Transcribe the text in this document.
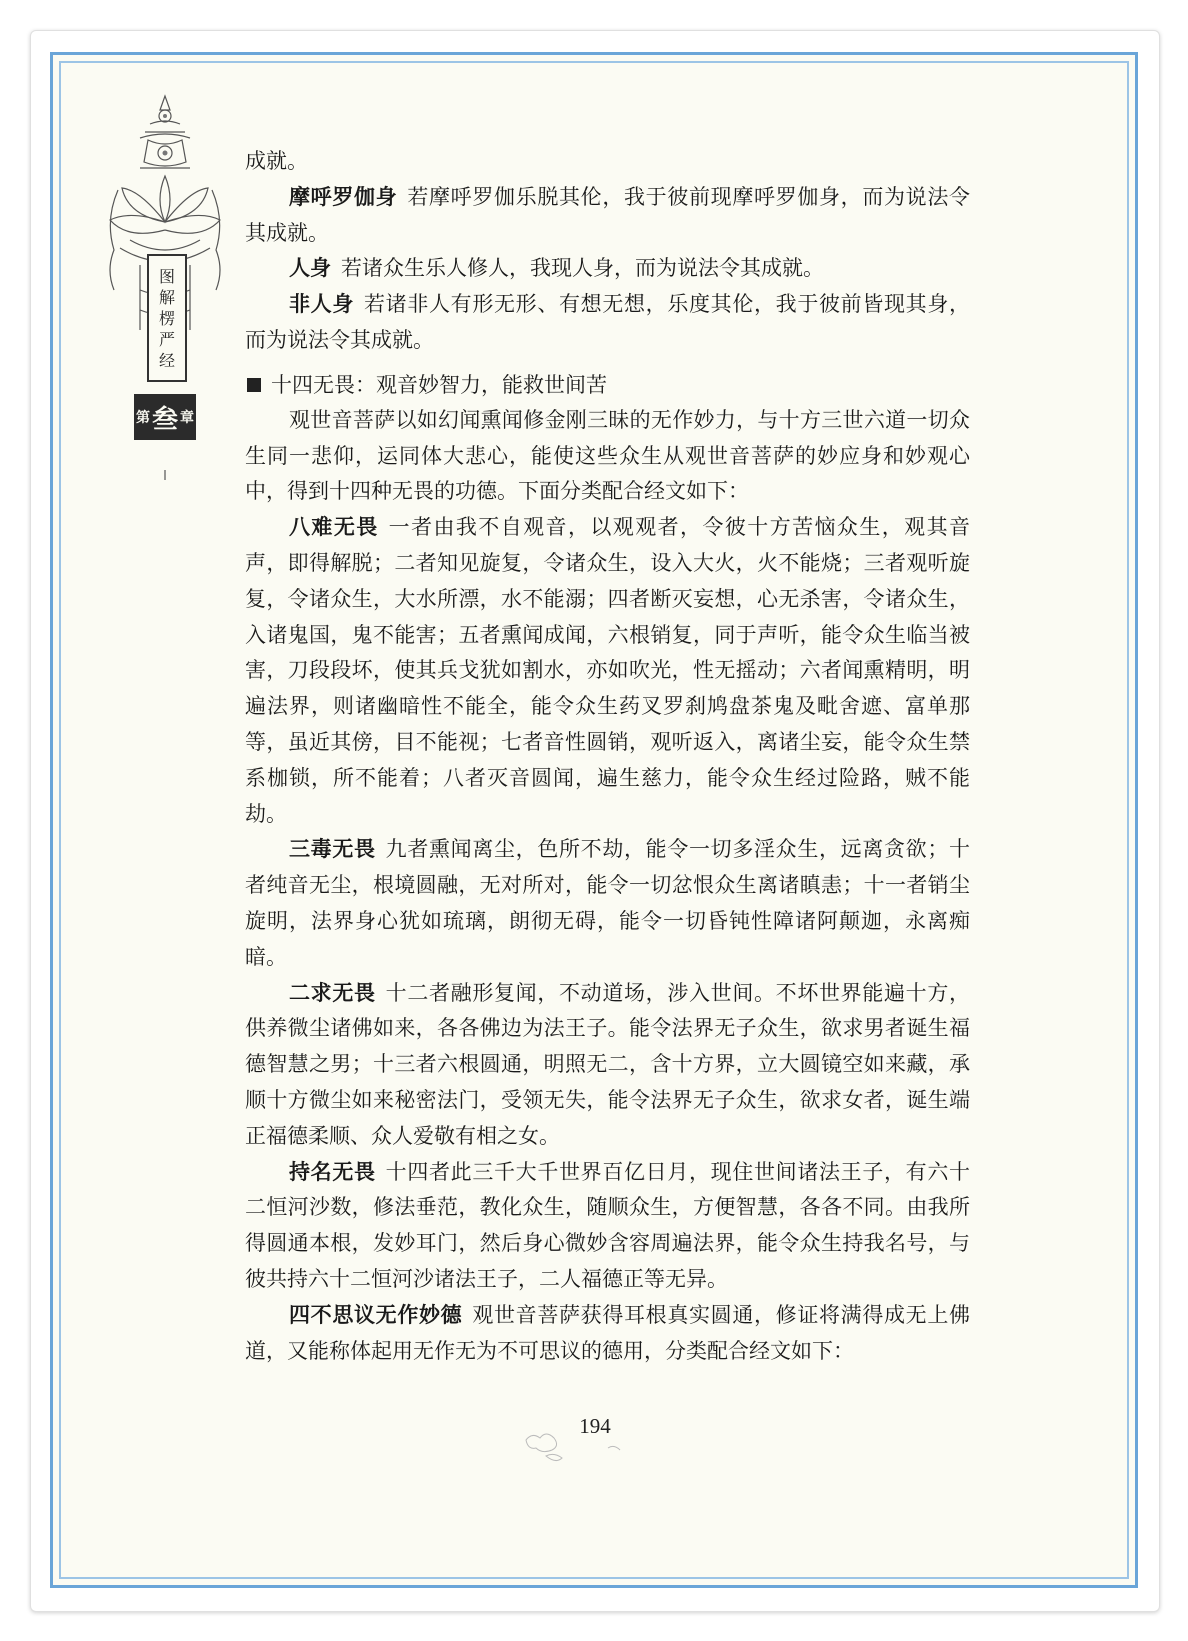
图
解
楞
严
经
第 叁 章

成就。

摩呼罗伽身 若摩呼罗伽乐脱其伦，我于彼前现摩呼罗伽身，而为说法令其成就。

人身 若诸众生乐人修人，我现人身，而为说法令其成就。

非人身 若诸非人有形无形、有想无想，乐度其伦，我于彼前皆现其身，而为说法令其成就。

十四无畏：观音妙智力，能救世间苦

观世音菩萨以如幻闻熏闻修金刚三昧的无作妙力，与十方三世六道一切众生同一悲仰，运同体大悲心，能使这些众生从观世音菩萨的妙应身和妙观心中，得到十四种无畏的功德。下面分类配合经文如下：

八难无畏 一者由我不自观音，以观观者，令彼十方苦恼众生，观其音声，即得解脱；二者知见旋复，令诸众生，设入大火，火不能烧；三者观听旋复，令诸众生，大水所漂，水不能溺；四者断灭妄想，心无杀害，令诸众生，入诸鬼国，鬼不能害；五者熏闻成闻，六根销复，同于声听，能令众生临当被害，刀段段坏，使其兵戈犹如割水，亦如吹光，性无摇动；六者闻熏精明，明遍法界，则诸幽暗性不能全，能令众生药叉罗刹鸠盘茶鬼及毗舍遮、富单那等，虽近其傍，目不能视；七者音性圆销，观听返入，离诸尘妄，能令众生禁系枷锁，所不能着；八者灭音圆闻，遍生慈力，能令众生经过险路，贼不能劫。

三毒无畏 九者熏闻离尘，色所不劫，能令一切多淫众生，远离贪欲；十者纯音无尘，根境圆融，无对所对，能令一切忿恨众生离诸瞋恚；十一者销尘旋明，法界身心犹如琉璃，朗彻无碍，能令一切昏钝性障诸阿颠迦，永离痴暗。

二求无畏 十二者融形复闻，不动道场，涉入世间。不坏世界能遍十方，供养微尘诸佛如来，各各佛边为法王子。能令法界无子众生，欲求男者诞生福德智慧之男；十三者六根圆通，明照无二，含十方界，立大圆镜空如来藏，承顺十方微尘如来秘密法门，受领无失，能令法界无子众生，欲求女者，诞生端正福德柔顺、众人爱敬有相之女。

持名无畏 十四者此三千大千世界百亿日月，现住世间诸法王子，有六十二恒河沙数，修法垂范，教化众生，随顺众生，方便智慧，各各不同。由我所得圆通本根，发妙耳门，然后身心微妙含容周遍法界，能令众生持我名号，与彼共持六十二恒河沙诸法王子，二人福德正等无异。

四不思议无作妙德 观世音菩萨获得耳根真实圆通，修证将满得成无上佛道，又能称体起用无作无为不可思议的德用，分类配合经文如下：

194
